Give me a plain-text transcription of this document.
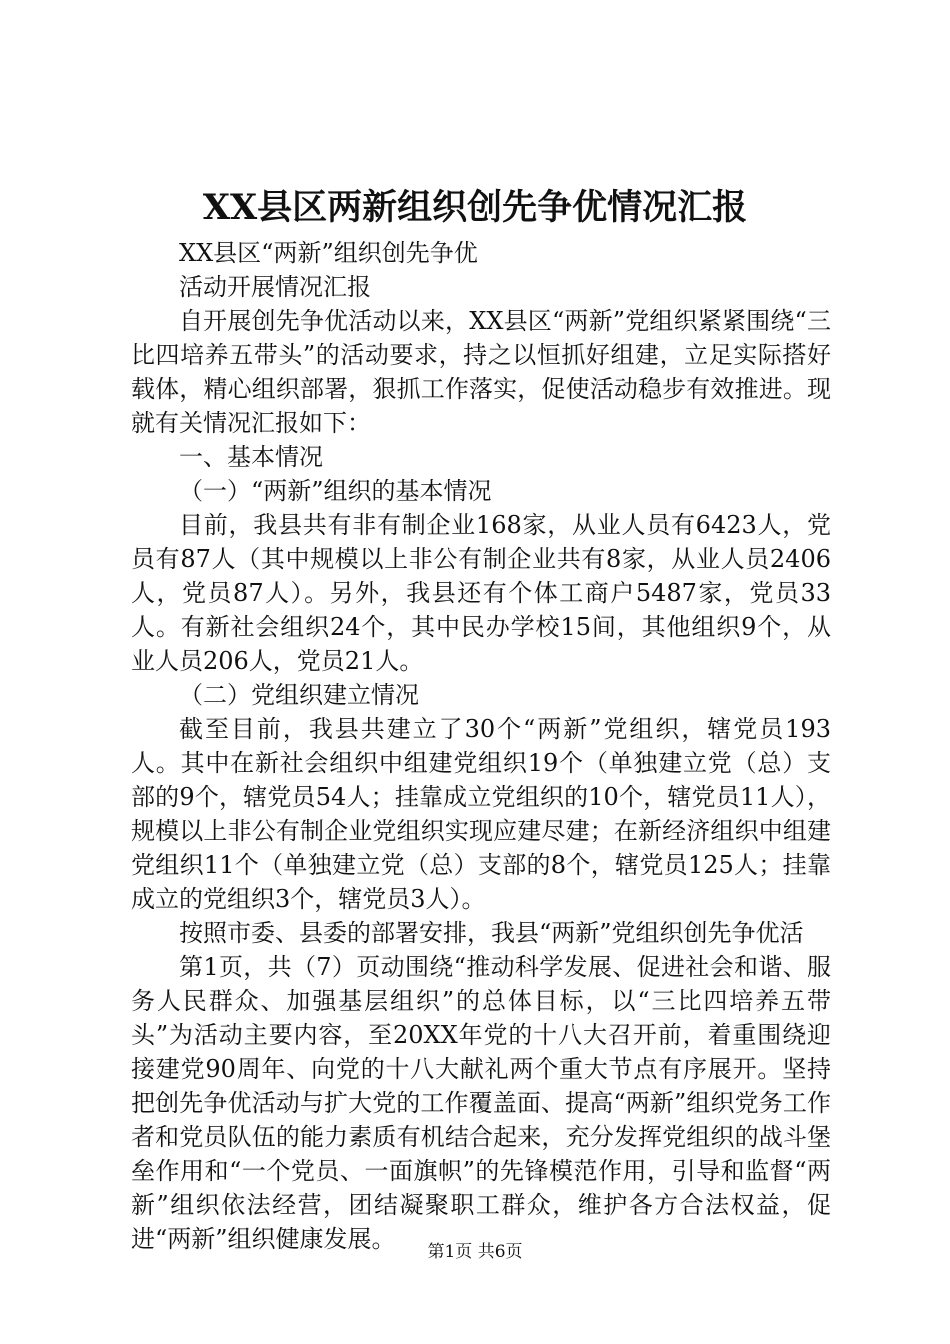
XX县区两新组织创先争优情况汇报

XX县区“两新”组织创先争优

活动开展情况汇报

自开展创先争优活动以来，XX县区“两新”党组织紧紧围绕“三比四培养五带头”的活动要求，持之以恒抓好组建，立足实际搭好载体，精心组织部署，狠抓工作落实，促使活动稳步有效推进。现就有关情况汇报如下：

一、基本情况

（一）“两新”组织的基本情况

目前，我县共有非有制企业168家，从业人员有6423人，党员有87人（其中规模以上非公有制企业共有8家，从业人员2406人，党员87人）。另外，我县还有个体工商户5487家，党员33人。有新社会组织24个，其中民办学校15间，其他组织9个，从业人员206人，党员21人。

（二）党组织建立情况

截至目前，我县共建立了30个“两新”党组织，辖党员193人。其中在新社会组织中组建党组织19个（单独建立党（总）支部的9个，辖党员54人；挂靠成立党组织的10个，辖党员11人），规模以上非公有制企业党组织实现应建尽建；在新经济组织中组建党组织11个（单独建立党（总）支部的8个，辖党员125人；挂靠成立的党组织3个，辖党员3人）。

按照市委、县委的部署安排，我县“两新”党组织创先争优活

第1页，共（7）页动围绕“推动科学发展、促进社会和谐、服务人民群众、加强基层组织”的总体目标，以“三比四培养五带头”为活动主要内容，至20XX年党的十八大召开前，着重围绕迎接建党90周年、向党的十八大献礼两个重大节点有序展开。坚持把创先争优活动与扩大党的工作覆盖面、提高“两新”组织党务工作者和党员队伍的能力素质有机结合起来，充分发挥党组织的战斗堡垒作用和“一个党员、一面旗帜”的先锋模范作用，引导和监督“两新”组织依法经营，团结凝聚职工群众，维护各方合法权益，促进“两新”组织健康发展。	第1页 共6页
